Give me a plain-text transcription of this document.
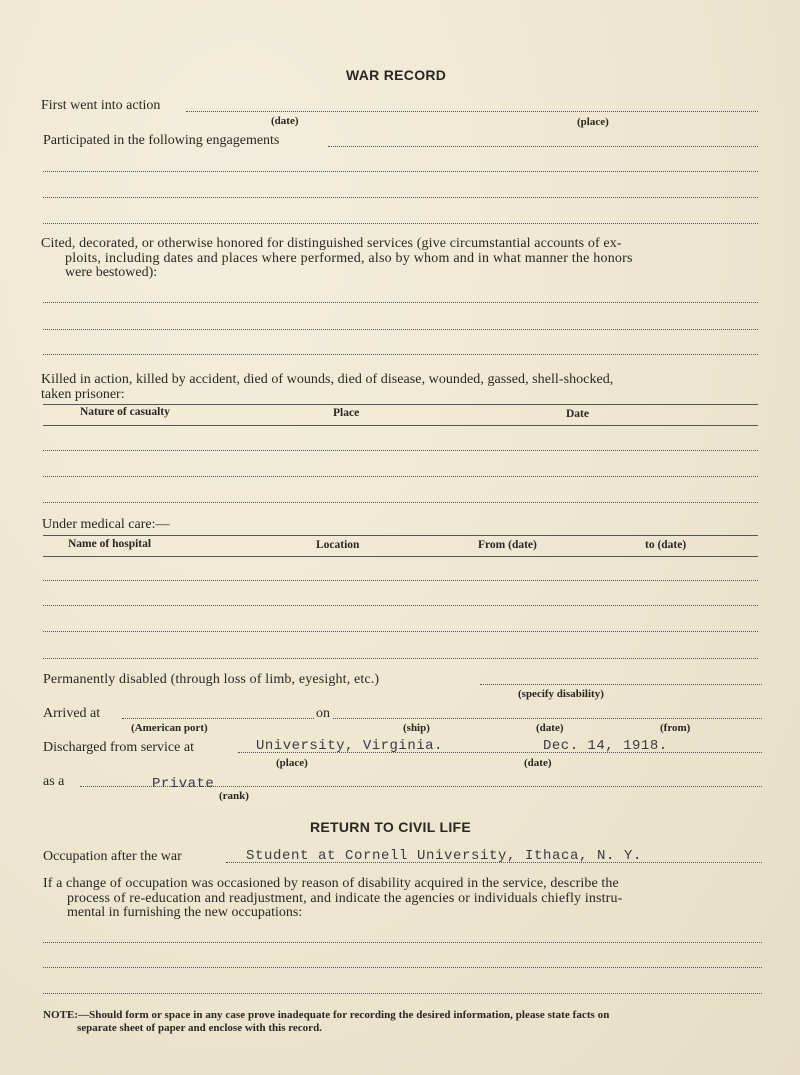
WAR RECORD
First went into action
(date)	(place)
Participated in the following engagements
Cited, decorated, or otherwise honored for distinguished services (give circumstantial accounts of ex-
ploits, including dates and places where performed, also by whom and in what manner the honors
were bestowed):
Killed in action, killed by accident, died of wounds, died of disease, wounded, gassed, shell-shocked,
taken prisoner:
Nature of casualty	Place	Date
Under medical care:—
Name of hospital	Location	From (date)	to (date)
Permanently disabled (through loss of limb, eyesight, etc.)
(specify disability)
Arrived at	on
(American port)	(ship)	(date)	(from)
Discharged from service at	University, Virginia.	Dec. 14, 1918.
(place)	(date)
as a	Private
(rank)
RETURN TO CIVIL LIFE
Occupation after the war	Student at Cornell University, Ithaca, N. Y.
If a change of occupation was occasioned by reason of disability acquired in the service, describe the
process of re-education and readjustment, and indicate the agencies or individuals chiefly instru-
mental in furnishing the new occupations:
NOTE:—Should form or space in any case prove inadequate for recording the desired information, please state facts on
separate sheet of paper and enclose with this record.
